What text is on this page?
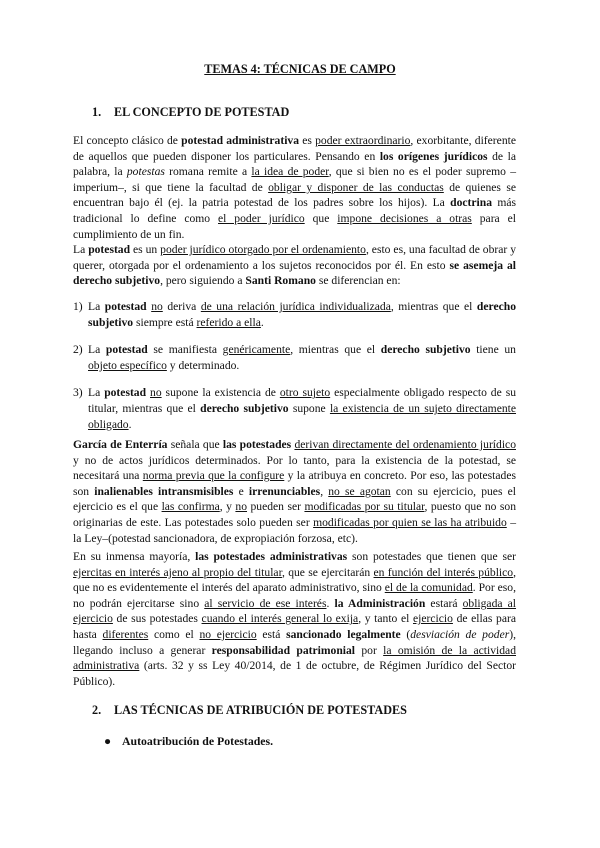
TEMAS 4: TÉCNICAS DE CAMPO
1. EL CONCEPTO DE POTESTAD

El concepto clásico de potestad administrativa es poder extraordinario, exorbitante, diferente de aquellos que pueden disponer los particulares. Pensando en los orígenes jurídicos de la palabra, la potestas romana remite a la idea de poder, que si bien no es el poder supremo –imperium–, si que tiene la facultad de obligar y disponer de las conductas de quienes se encuentran bajo él (ej. la patria potestad de los padres sobre los hijos). La doctrina más tradicional lo define como el poder jurídico que impone decisiones a otras para el cumplimiento de un fin.

La potestad es un poder jurídico otorgado por el ordenamiento, esto es, una facultad de obrar y querer, otorgada por el ordenamiento a los sujetos reconocidos por él. En esto se asemeja al derecho subjetivo, pero siguiendo a Santi Romano se diferencian en:

1) La potestad no deriva de una relación jurídica individualizada, mientras que el derecho subjetivo siempre está referido a ella.
2) La potestad se manifiesta genéricamente, mientras que el derecho subjetivo tiene un objeto específico y determinado.
3) La potestad no supone la existencia de otro sujeto especialmente obligado respecto de su titular, mientras que el derecho subjetivo supone la existencia de un sujeto directamente obligado.

García de Enterría señala que las potestades derivan directamente del ordenamiento jurídico y no de actos jurídicos determinados. Por lo tanto, para la existencia de la potestad, se necesitará una norma previa que la configure y la atribuya en concreto. Por eso, las potestades son inalienables intransmisibles e irrenunciables, no se agotan con su ejercicio, pues el ejercicio es el que las confirma, y no pueden ser modificadas por su titular, puesto que no son originarias de este. Las potestades solo pueden ser modificadas por quien se las ha atribuido –la Ley–(potestad sancionadora, de expropiación forzosa, etc).

En su inmensa mayoría, las potestades administrativas son potestades que tienen que ser ejercitas en interés ajeno al propio del titular, que se ejercitarán en función del interés público, que no es evidentemente el interés del aparato administrativo, sino el de la comunidad. Por eso, no podrán ejercitarse sino al servicio de ese interés. la Administración estará obligada al ejercicio de sus potestades cuando el interés general lo exija, y tanto el ejercicio de ellas para hasta diferentes como el no ejercicio está sancionado legalmente (desviación de poder), llegando incluso a generar responsabilidad patrimonial por la omisión de la actividad administrativa (arts. 32 y ss Ley 40/2014, de 1 de octubre, de Régimen Jurídico del Sector Público).

2. LAS TÉCNICAS DE ATRIBUCIÓN DE POTESTADES
● Autoatribución de Potestades.
